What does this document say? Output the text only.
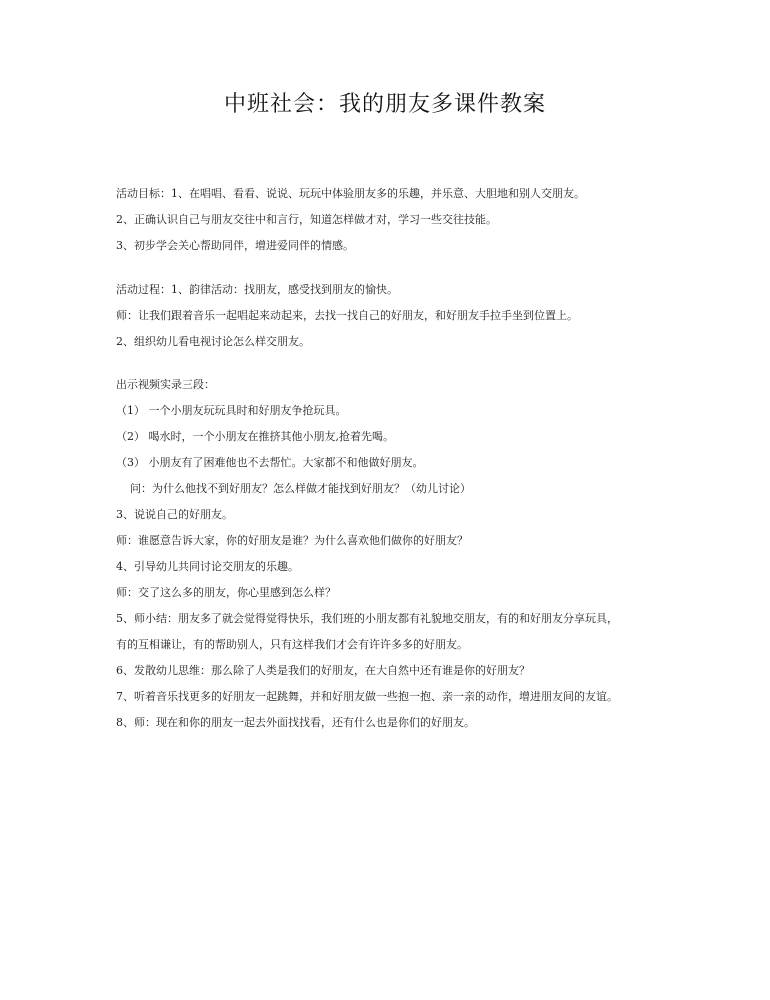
中班社会：我的朋友多课件教案
活动目标：1、在唱唱、看看、说说、玩玩中体验朋友多的乐趣，并乐意、大胆地和别人交朋友。
2、正确认识自己与朋友交往中和言行，知道怎样做才对，学习一些交往技能。
3、初步学会关心帮助同伴，增进爱同伴的情感。
活动过程：1、韵律活动：找朋友，感受找到朋友的愉快。
师：让我们跟着音乐一起唱起来动起来，去找一找自己的好朋友，和好朋友手拉手坐到位置上。
2、组织幼儿看电视讨论怎么样交朋友。
出示视频实录三段：
（1） 一个小朋友玩玩具时和好朋友争抢玩具。
（2） 喝水时，一个小朋友在推挤其他小朋友,抢着先喝。
（3） 小朋友有了困难他也不去帮忙。大家都不和他做好朋友。
问：为什么他找不到好朋友？怎么样做才能找到好朋友？（幼儿讨论）
3、说说自己的好朋友。
师：谁愿意告诉大家，你的好朋友是谁？为什么喜欢他们做你的好朋友？
4、引导幼儿共同讨论交朋友的乐趣。
师：交了这么多的朋友，你心里感到怎么样？
5、师小结：朋友多了就会觉得觉得快乐，我们班的小朋友都有礼貌地交朋友，有的和好朋友分享玩具，
有的互相谦让，有的帮助别人，只有这样我们才会有许许多多的好朋友。
6、发散幼儿思维：那么除了人类是我们的好朋友，在大自然中还有谁是你的好朋友？
7、听着音乐找更多的好朋友一起跳舞，并和好朋友做一些抱一抱、亲一亲的动作，增进朋友间的友谊。
8、师：现在和你的朋友一起去外面找找看，还有什么也是你们的好朋友。
